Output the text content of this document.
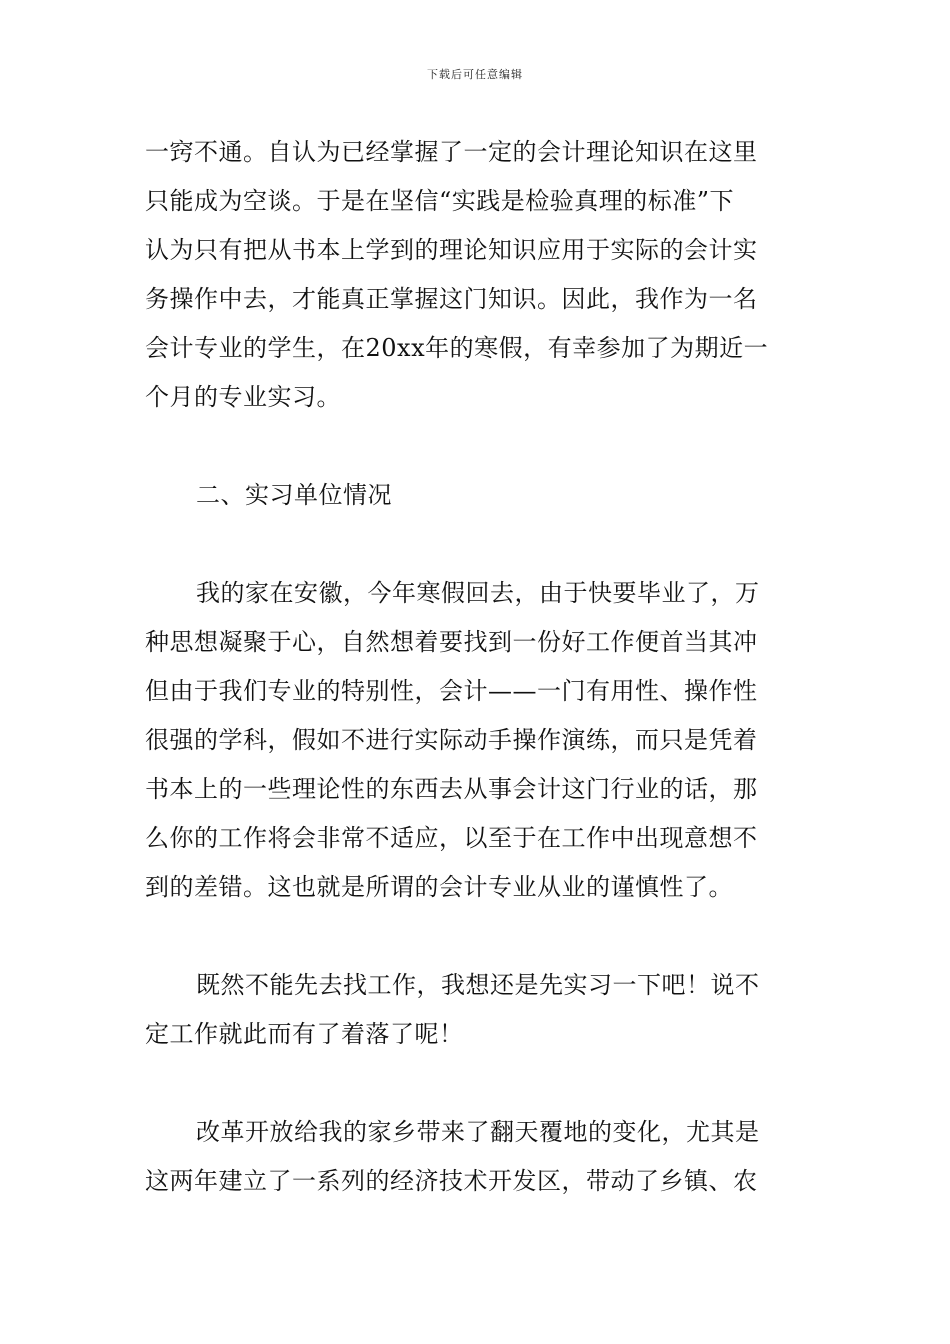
下载后可任意编辑
一窍不通。自认为已经掌握了一定的会计理论知识在这里
只能成为空谈。于是在坚信“实践是检验真理的标准”下
认为只有把从书本上学到的理论知识应用于实际的会计实
务操作中去，才能真正掌握这门知识。因此，我作为一名
会计专业的学生，在20xx年的寒假，有幸参加了为期近一
个月的专业实习。
二、实习单位情况
我的家在安徽，今年寒假回去，由于快要毕业了，万
种思想凝聚于心，自然想着要找到一份好工作便首当其冲
但由于我们专业的特别性，会计——一门有用性、操作性
很强的学科，假如不进行实际动手操作演练，而只是凭着
书本上的一些理论性的东西去从事会计这门行业的话，那
么你的工作将会非常不适应，以至于在工作中出现意想不
到的差错。这也就是所谓的会计专业从业的谨慎性了。
既然不能先去找工作，我想还是先实习一下吧！说不
定工作就此而有了着落了呢！
改革开放给我的家乡带来了翻天覆地的变化，尤其是
这两年建立了一系列的经济技术开发区，带动了乡镇、农
